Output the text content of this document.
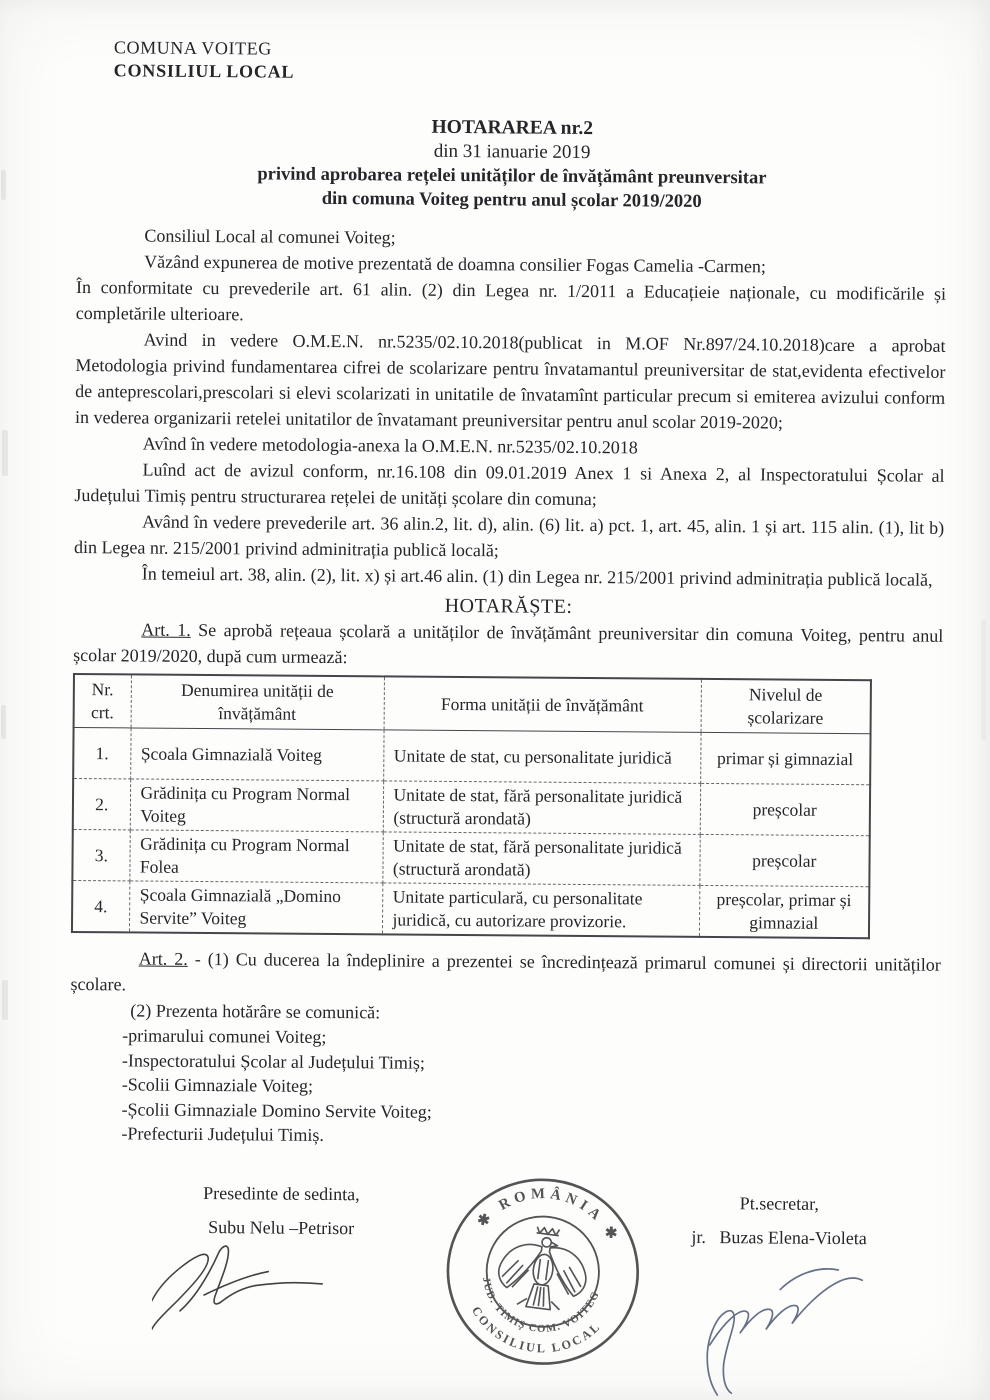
COMUNA VOITEG
CONSILIUL LOCAL
HOTARAREA nr.2
din 31 ianuarie 2019
privind aprobarea rețelei unităților de învățământ preunversitar
din comuna Voiteg pentru anul școlar 2019/2020

Consiliul Local al comunei Voiteg;

Văzând expunerea de motive prezentată de doamna consilier Fogas Camelia -Carmen;

În conformitate cu prevederile art. 61 alin. (2) din Legea nr. 1/2011 a Educațieie naționale, cu modificările și completările ulterioare.

Avind in vedere O.M.E.N. nr.5235/02.10.2018(publicat in M.OF Nr.897/24.10.2018)care a aprobat Metodologia privind fundamentarea cifrei de scolarizare pentru învatamantul preuniversitar de stat,evidenta efectivelor de anteprescolari,prescolari si elevi scolarizati in unitatile de învatamînt particular precum si emiterea avizului conform in vederea organizarii retelei unitatilor de învatamant preuniversitar pentru anul scolar 2019-2020;

Avînd în vedere metodologia-anexa la O.M.E.N. nr.5235/02.10.2018

Luînd act de avizul conform, nr.16.108 din 09.01.2019 Anex 1 si Anexa 2, al Inspectoratului Școlar al Județului Timiș pentru structurarea rețelei de unități școlare din comuna;

Având în vedere prevederile art. 36 alin.2, lit. d), alin. (6) lit. a) pct. 1, art. 45, alin. 1 și art. 115 alin. (1), lit b) din Legea nr. 215/2001 privind adminitrația publică locală;

În temeiul art. 38, alin. (2), lit. x) și art.46 alin. (1) din Legea nr. 215/2001 privind adminitrația publică locală,

HOTARĂȘTE:

Art. 1. Se aprobă rețeaua școlară a unităților de învățământ preuniversitar din comuna Voiteg, pentru anul școlar 2019/2020, după cum urmează:

Nr. crt.	Denumirea unității de învățământ	Forma unității de învățământ	Nivelul de școlarizare
1.	Școala Gimnazială Voiteg	Unitate de stat, cu personalitate juridică	primar și gimnazial
2.	Grădinița cu Program Normal Voiteg	Unitate de stat, fără personalitate juridică (structură arondată)	preșcolar
3.	Grădinița cu Program Normal Folea	Unitate de stat, fără personalitate juridică (structură arondată)	preșcolar
4.	Școala Gimnazială „Domino Servite” Voiteg	Unitate particulară, cu personalitate juridică, cu autorizare provizorie.	preșcolar, primar și gimnazial

Art. 2. - (1) Cu ducerea la îndeplinire a prezentei se încredințează primarul comunei și directorii unităților școlare.

(2) Prezenta hotărâre se comunică:

-primarului comunei Voiteg;

-Inspectoratului Școlar al Județului Timiș;

-Scolii Gimnaziale Voiteg;

-Școlii Gimnaziale Domino Servite Voiteg;

-Prefecturii Județului Timiș.

Presedinte de sedinta,
Subu Nelu –Petrisor	✱ ROMÂNIA ✱
CONSILIUL LOCAL
JUD. TIMIȘ COM. VOITEG
Pt.secretar,
jr.   Buzas Elena-Violeta
